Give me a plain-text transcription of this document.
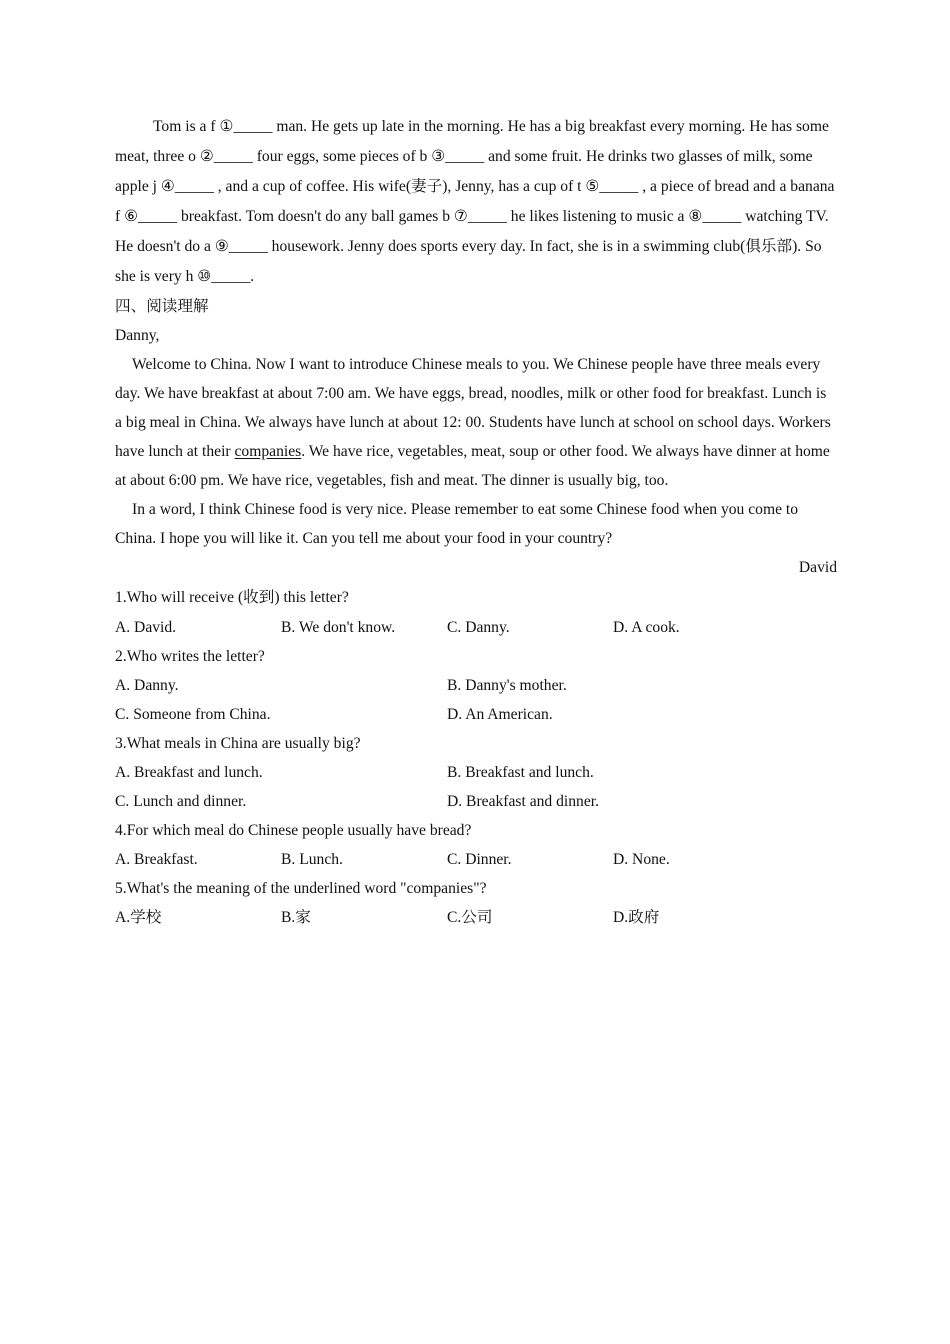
Tom is a f ①_____ man. He gets up late in the morning. He has a big breakfast every morning. He has some meat, three o ②_____ four eggs, some pieces of b ③_____ and some fruit. He drinks two glasses of milk, some apple j ④_____ , and a cup of coffee. His wife(妻子), Jenny, has a cup of t ⑤_____ , a piece of bread and a banana f ⑥_____ breakfast. Tom doesn't do any ball games b ⑦_____ he likes listening to music a ⑧_____ watching TV. He doesn't do a ⑨_____ housework. Jenny does sports every day. In fact, she is in a swimming club(俱乐部). So she is very h ⑩_____.

四、阅读理解
Danny,
Welcome to China. Now I want to introduce Chinese meals to you. We Chinese people have three meals every day. We have breakfast at about 7:00 am. We have eggs, bread, noodles, milk or other food for breakfast. Lunch is a big meal in China. We always have lunch at about 12: 00. Students have lunch at school on school days. Workers have lunch at their companies. We have rice, vegetables, meat, soup or other food. We always have dinner at home at about 6:00 pm. We have rice, vegetables, fish and meat. The dinner is usually big, too.
In a word, I think Chinese food is very nice. Please remember to eat some Chinese food when you come to China. I hope you will like it. Can you tell me about your food in your country?
David
1.Who will receive (收到) this letter?
A. David.	B. We don't know.	C. Danny.	D. A cook.
2.Who writes the letter?
A. Danny.	B. Danny's mother.
C. Someone from China.	D. An American.
3.What meals in China are usually big?
A. Breakfast and lunch.	B. Breakfast and lunch.
C. Lunch and dinner.	D. Breakfast and dinner.
4.For which meal do Chinese people usually have bread?
A. Breakfast.	B. Lunch.	C. Dinner.	D. None.
5.What's the meaning of the underlined word "companies"?
A.学校	B.家	C.公司	D.政府
